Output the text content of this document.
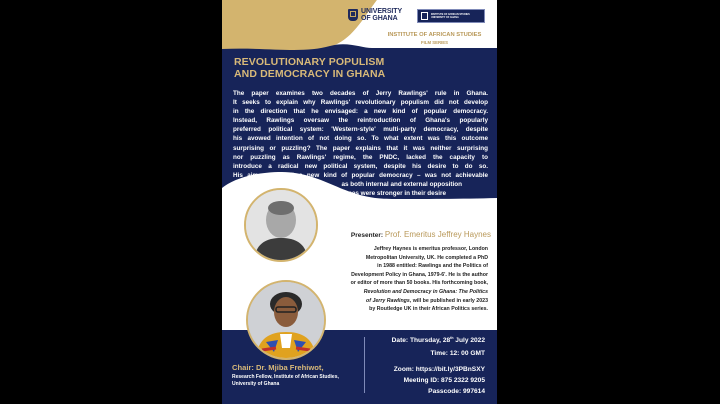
UNIVERSITY
OF GHANA
INSTITUTE OF AFRICAN STUDIES
UNIVERSITY OF GHANA
INSTITUTE OF AFRICAN STUDIES
FILM SERIES
REVOLUTIONARY POPULISM
AND DEMOCRACY IN GHANA
The paper examines two decades of Jerry Rawlings' rule in Ghana.
It seeks to explain why Rawlings' revolutionary populism did not develop
in the direction that he envisaged: a new kind of popular democracy.
Instead, Rawlings oversaw the reintroduction of Ghana's popularly
preferred political system: 'Western-style' multi-party democracy, despite
his avowed intention of not doing so. To what extent was this outcome
surprising or puzzling? The paper explains that it was neither surprising
nor puzzling as Rawlings' regime, the PNDC, lacked the capacity to
introduce a radical new political system, despite his desire to do so.
His aim – to craft a new kind of popular democracy – was not achievable
as both internal and external opposition
forces were stronger in their desire
for multi-party democracy and a
neo-liberal economic system.
Presenter: Prof. Emeritus Jeffrey Haynes
Jeffrey Haynes is emeritus professor, London
Metropolitan University, UK. He completed a PhD
in 1988 entitled: Rawlings and the Politics of
Development Policy in Ghana, 1979-6'. He is the author
or editor of more than 50 books. His forthcoming book,
Revolution and Democracy in Ghana: The Politics
of Jerry Rawlings, will be published in early 2023
by Routledge UK in their African Politics series.
Chair: Dr. Mjiba Frehiwot,
Research Fellow, Institute of African Studies,
University of Ghana
Date: Thursday, 28th July 2022
Time: 12: 00 GMT
Zoom: https://bit.ly/3PBnSXY
Meeting ID: 875 2322 9205
Passcode: 997614
